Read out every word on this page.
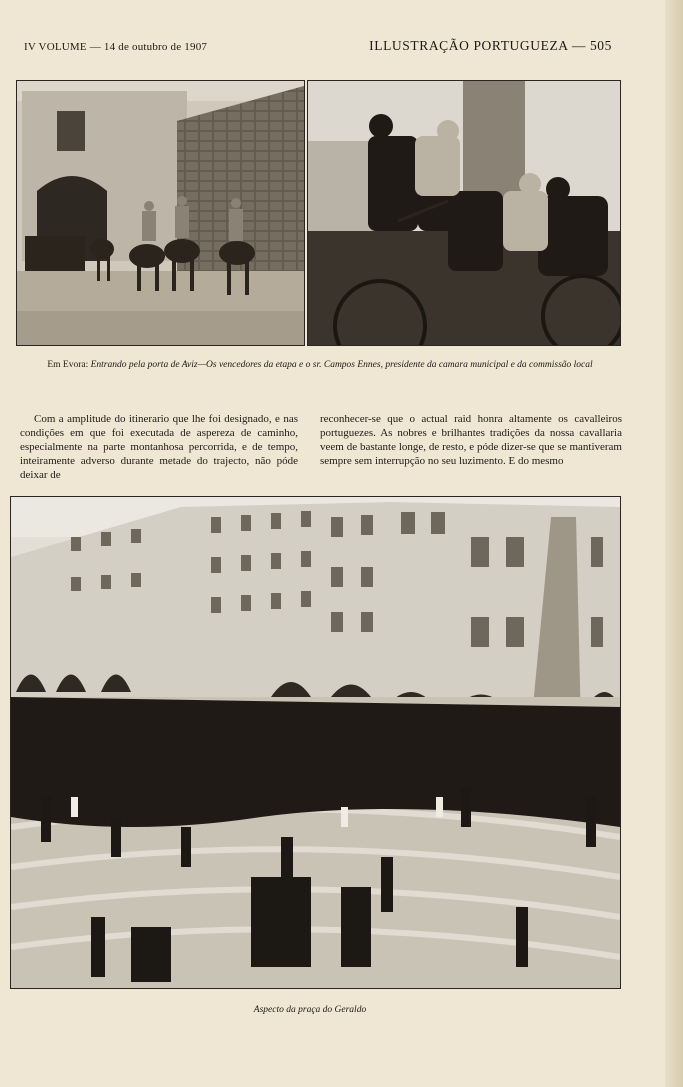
IV VOLUME — 14 de outubro de 1907	ILLUSTRAÇÃO PORTUGUEZA — 505
Em Evora: Entrando pela porta de Aviz—Os vencedores da etapa e o sr. Campos Ennes, presidente da camara municipal e da commissão local
Com a amplitude do itinerario que lhe foi designado, e nas condições em que foi executada de aspereza de caminho, especialmente na parte montanhosa percorrida, e de tempo, inteiramente adverso durante metade do trajecto, não póde deixar de
reconhecer-se que o actual raid honra altamente os cavalleiros portuguezes. As nobres e brilhantes tradições da nossa cavallaria veem de bastante longe, de resto, e póde dizer-se que se mantiveram sempre sem interrupção no seu luzimento. E do mesmo
Aspecto da praça do Geraldo
